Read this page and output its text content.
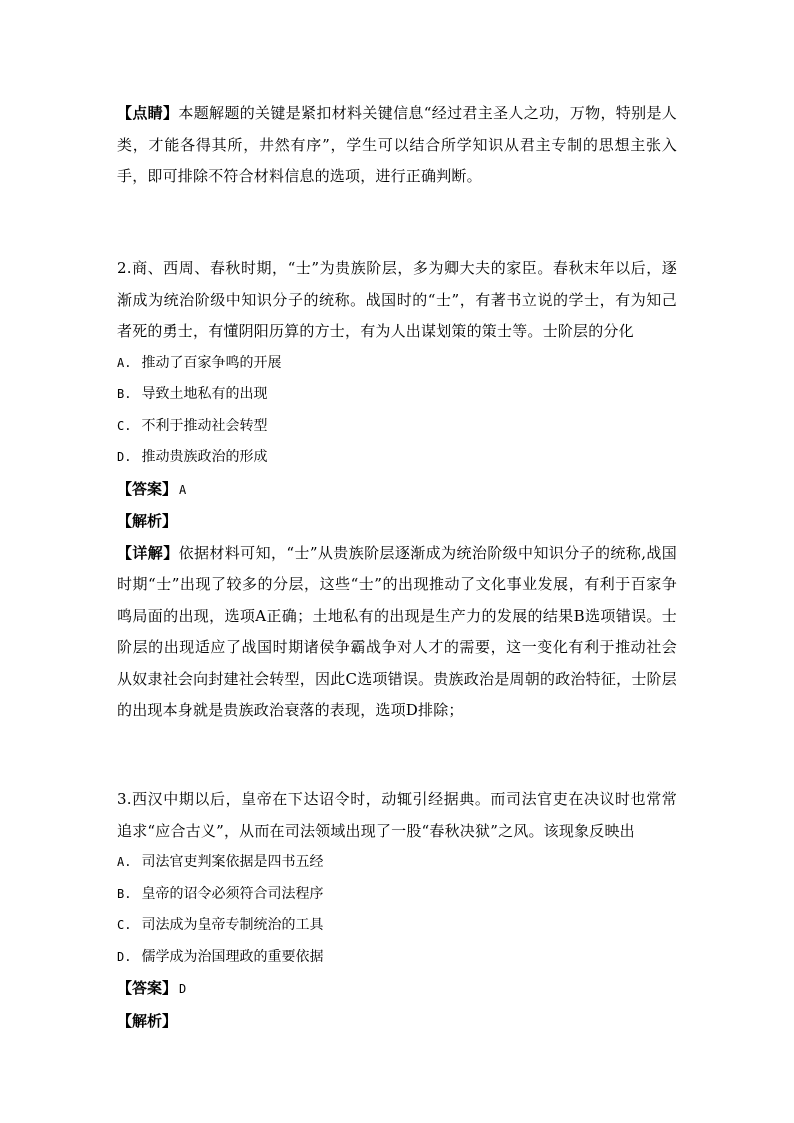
【点睛】本题解题的关键是紧扣材料关键信息“经过君主圣人之功，万物，特别是人类，才能各得其所，井然有序”，学生可以结合所学知识从君主专制的思想主张入手，即可排除不符合材料信息的选项，进行正确判断。

2.商、西周、春秋时期，“士”为贵族阶层，多为卿大夫的家臣。春秋末年以后，逐渐成为统治阶级中知识分子的统称。战国时的“士”，有著书立说的学士，有为知己者死的勇士，有懂阴阳历算的方士，有为人出谋划策的策士等。士阶层的分化

A. 推动了百家争鸣的开展

B. 导致土地私有的出现

C. 不利于推动社会转型

D. 推动贵族政治的形成

【答案】 A

【解析】

【详解】依据材料可知，“士”从贵族阶层逐渐成为统治阶级中知识分子的统称,战国时期“士”出现了较多的分层，这些“士”的出现推动了文化事业发展，有利于百家争鸣局面的出现，选项A正确；土地私有的出现是生产力的发展的结果B选项错误。士阶层的出现适应了战国时期诸侯争霸战争对人才的需要，这一变化有利于推动社会从奴隶社会向封建社会转型，因此C选项错误。贵族政治是周朝的政治特征，士阶层的出现本身就是贵族政治衰落的表现，选项D排除；

3.西汉中期以后，皇帝在下达诏令时，动辄引经据典。而司法官吏在决议时也常常追求“应合古义”，从而在司法领域出现了一股“春秋决狱”之风。该现象反映出

A. 司法官吏判案依据是四书五经

B. 皇帝的诏令必须符合司法程序

C. 司法成为皇帝专制统治的工具

D. 儒学成为治国理政的重要依据

【答案】 D

【解析】
